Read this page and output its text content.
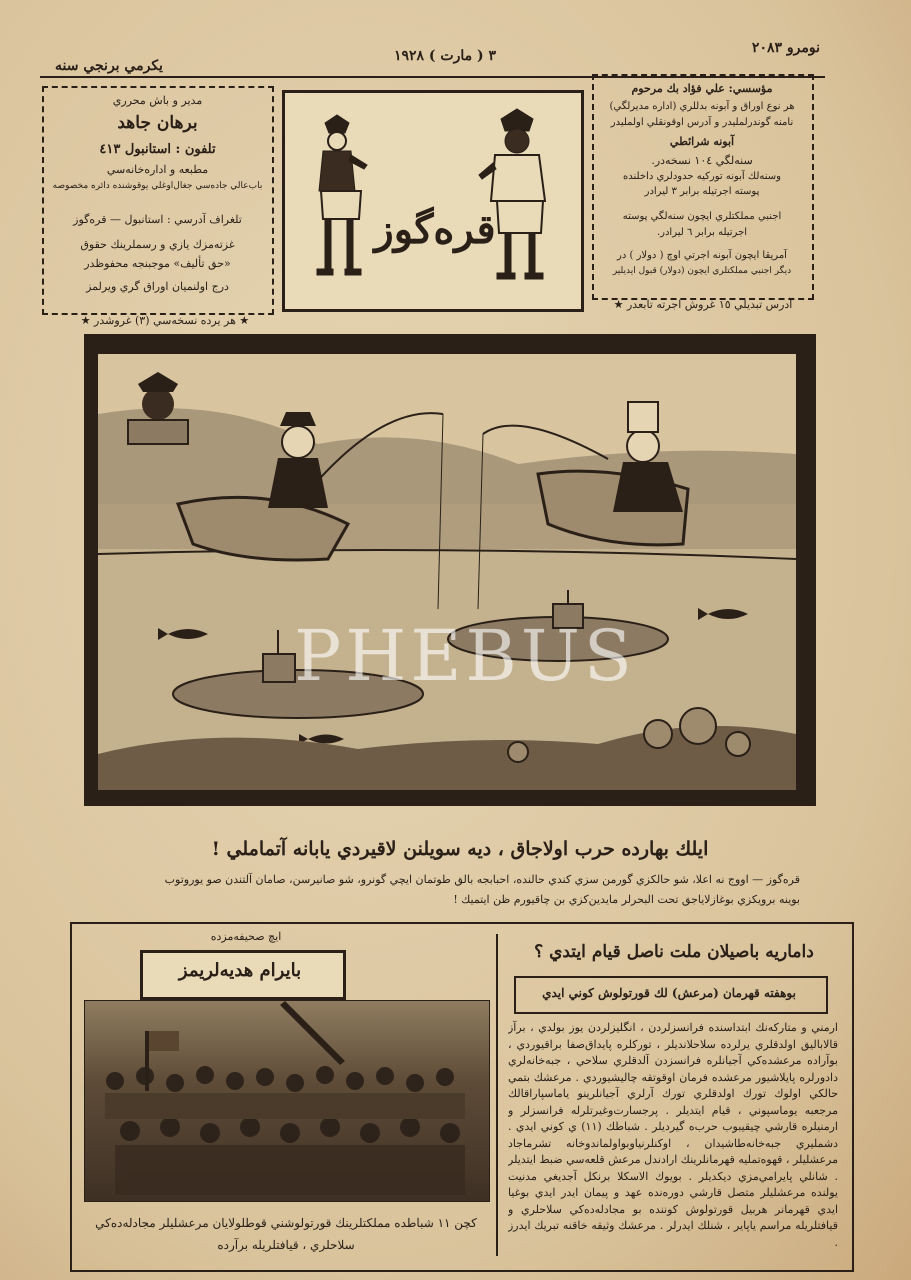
نومرو ٢٠٨٣
٣ ( مارت ) ١٩٢٨
يكرمي برنجي سنه
مدير و باش محرري
برهان جاهد
تلفون : استانبول ٤١٣
مطبعه و اداره‌خانه‌سي
باب‌عالي جاده‌سي جغال‌اوغلي يوقوشنده دائره مخصوصه
تلغراف آدرسي : استانبول — قره‌گوز
غزته‌مزك يازي و رسملرينك حقوق
«حق تأليف» موجبنجه محفوظدر
درج اولنميان اوراق گري ويرلمز
★ هر يرده نسخه‌سي (٣) غروشدر ★
قره‌گوز
مؤسسي: علي فؤاد بك مرحوم
هر نوع اوراق و آبونه بدللري (اداره مديرلگي)
نامنه گوندرلمليدر و آدرس اوقونقلي اولمليدر
آبونه شرائطي
سنه‌لگي ١٠٤ نسخه‌در.
وسنه‌لك آبونه تورکيه حدودلري داخلنده
پوسته اجرتيله برابر ٣ ليرادر
اجنبي مملکتلري ايچون سنه‌لگي پوسته
اجرتيله برابر ٦ ليرادر.
آمريقا ايچون آبونه اجرتي اوچ ( دولار ) در
ديگر اجنبي مملکتلري ايچون (دولار) قبول ايديلير
آدرس تبديلي ١٥ غروش اجرته تابعدر ★
PHEBUS
ايلك بهارده حرب اولاجاق ، ديه سويلنن لاقيردي يابانه آتماملي !
قره‌گوز — اووج نه اعلا، شو حالكزي گورمن سزي كندي حالنده، احبابجه بالق طوتمان ايچي گونرو، شو صانيرسن، صامان آلتندن صو يوروتوب
بوينه برويكزي بوغازلاياجق تحت البحرلر مايدين‌كزي بن چاقيورم ظن ايتميك !
ايچ صحيفه‌مزده
بايرام هديه‌لريمز
كچن ١١ شباطده مملکتلرينك قورتولوشني قوطلولايان مرعشليلر مجادله‌ده‌كي
سلاحلري ، قيافتلريله برآرده
داماريه باصيلان ملت ناصل قيام ايتدي ؟
بوهفته قهرمان (مرعش) لك قورتولوش كوني ايدي
ارمني و متاركه‌نك ابتداسنده فرانسزلردن ، انگليزلردن يوز بولدي ، برآز قالاباليق اولدقلري يرلرده سلاحلانديلر ، تورکلره پايداق‌صفا براقيوردي ، بوآراده مرعشده‌کي آجيانلره فرانسزدن آلدقلري سلاحي ، جبه‌خانه‌لري دادورلره پايلاشيور مرعشده فرمان اوقوتقه چاليشيوردي . مرعشك بتمي حالكي اولوك تورك اولدقلري تورك آرلري آجيانلرينو ياماسپاراقالك مرجعبه يوماسپوني ، قيام ايتديلر . پرجسارت‌وغيرتلرله فرانسزلر و ارمنيلره قارشي چيقيبوب حرب‌ه گيرديلر . شباطك (١١) ي كوني ايدي . دشمليري جبه‌خانه‌طاشيدان ، اوكنلرنياوبواولماندوخانه تشرماجاد مرعشليلر ، قهوه‌تمليه قهرمانلرينك ارادندل مرعش قلعه‌سي ضبط ايتديلر . شانلي پايرامي‌مزي ديكديلر . بويوك الاسکلا برنكل آجديغي مدنيت يولنده مرعشليلر متصل قارشي دوره‌نده عهد و پيمان ايدر ايدي بوغيا ايدي قهرمانر هربيل قورتولوش كوننده بو مجادله‌ده‌كي سلاحلري و قيافتلريله مراسم ياپاير ، شنلك ايدرلر . مرعشك وثيقه خاقنه تبريك ايدرز .
